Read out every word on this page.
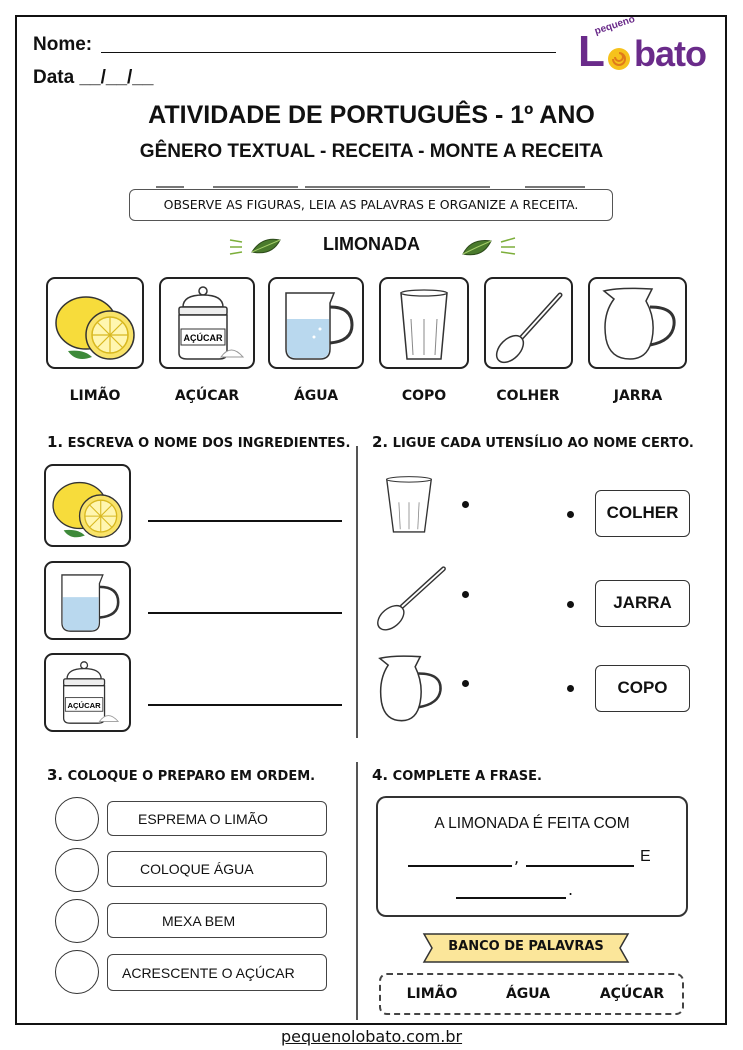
Nome:
Data __/__/__
pequeno
L bato
ATIVIDADE DE PORTUGUÊS - 1º ANO
GÊNERO TEXTUAL - RECEITA - MONTE A RECEITA
OBSERVE AS FIGURAS, LEIA AS PALAVRAS E ORGANIZE A RECEITA.
LIMONADA
AÇÚCAR
LIMÃO	AÇÚCAR	ÁGUA	COPO	COLHER	JARRA
1. ESCREVA O NOME DOS INGREDIENTES.
AÇÚCAR
2. LIGUE CADA UTENSÍLIO AO NOME CERTO.
COLHER
JARRA
COPO
3. COLOQUE O PREPARO EM ORDEM.
ESPREMA O LIMÃO
COLOQUE ÁGUA
MEXA BEM
ACRESCENTE O AÇÚCAR
4. COMPLETE A FRASE.
A LIMONADA É FEITA COM
,	E
.
BANCO DE PALAVRAS
LIMÃO	ÁGUA	AÇÚCAR
pequenolobato.com.br
